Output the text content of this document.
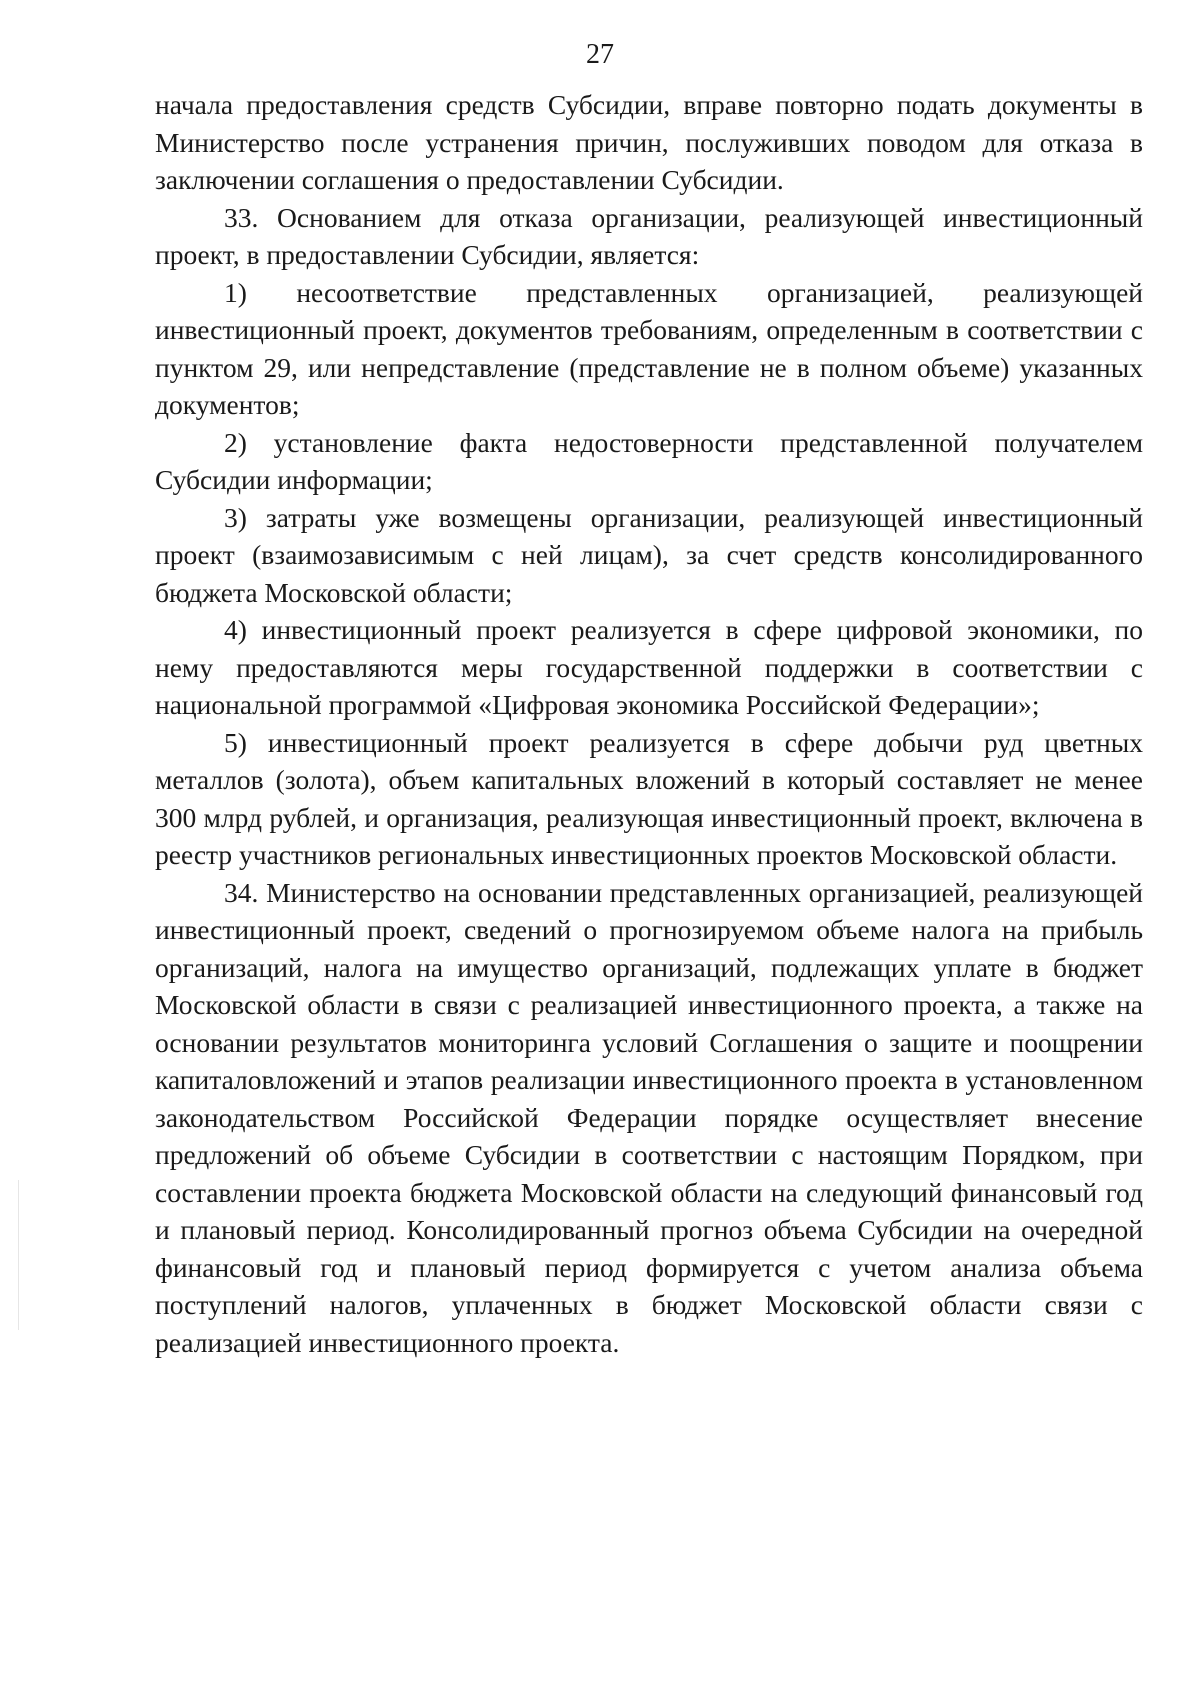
27

начала предоставления средств Субсидии, вправе повторно подать документы в Министерство после устранения причин, послуживших поводом для отказа в заключении соглашения о предоставлении Субсидии.

33. Основанием для отказа организации, реализующей инвестиционный проект, в предоставлении Субсидии, является:

1) несоответствие представленных организацией, реализующей инвестиционный проект, документов требованиям, определенным в соответствии с пунктом 29, или непредставление (представление не в полном объеме) указанных документов;

2) установление факта недостоверности представленной получателем Субсидии информации;

3) затраты уже возмещены организации, реализующей инвестиционный проект (взаимозависимым с ней лицам), за счет средств консолидированного бюджета Московской области;

4) инвестиционный проект реализуется в сфере цифровой экономики, по нему предоставляются меры государственной поддержки в соответствии с национальной программой «Цифровая экономика Российской Федерации»;

5) инвестиционный проект реализуется в сфере добычи руд цветных металлов (золота), объем капитальных вложений в который составляет не менее 300 млрд рублей, и организация, реализующая инвестиционный проект, включена в реестр участников региональных инвестиционных проектов Московской области.

34. Министерство на основании представленных организацией, реализующей инвестиционный проект, сведений о прогнозируемом объеме налога на прибыль организаций, налога на имущество организаций, подлежащих уплате в бюджет Московской области в связи с реализацией инвестиционного проекта, а также на основании результатов мониторинга условий Соглашения о защите и поощрении капиталовложений и этапов реализации инвестиционного проекта в установленном законодательством Российской Федерации порядке осуществляет внесение предложений об объеме Субсидии в соответствии с настоящим Порядком, при составлении проекта бюджета Московской области на следующий финансовый год и плановый период. Консолидированный прогноз объема Субсидии на очередной финансовый год и плановый период формируется с учетом анализа объема поступлений налогов, уплаченных в бюджет Московской области связи с реализацией инвестиционного проекта.
